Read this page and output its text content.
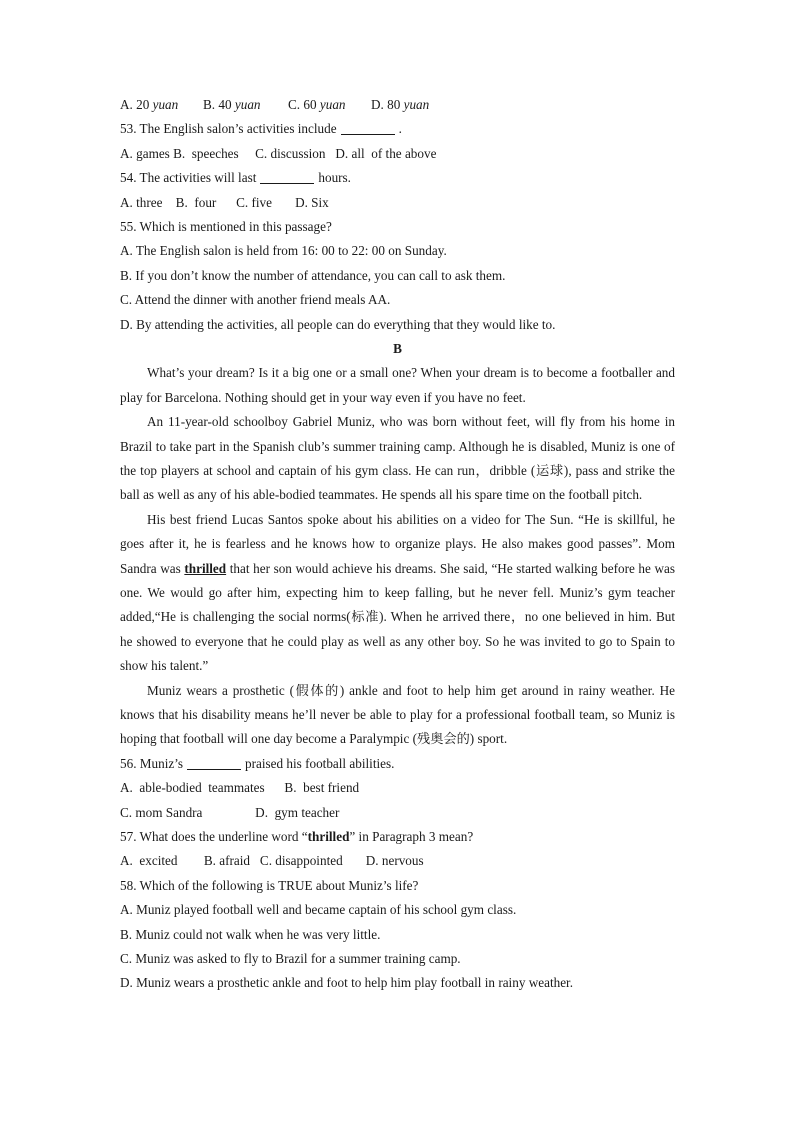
A. 20 yuan B. 40 yuan C. 60 yuan D. 80 yuan
53. The English salon’s activities include	.
A. games B.  speeches     C. discussion   D. all  of the above
54. The activities will last	hours.
A. three    B.  four      C. five       D. Six
55. Which is mentioned in this passage?
A. The English salon is held from 16: 00 to 22: 00 on Sunday.
B. If you don’t know the number of attendance, you can call to ask them.
C. Attend the dinner with another friend meals AA.
D. By attending the activities, all people can do everything that they would like to.
B

What’s your dream? Is it a big one or a small one? When your dream is to become a footballer and play for Barcelona. Nothing should get in your way even if you have no feet.

An 11-year-old schoolboy Gabriel Muniz, who was born without feet, will fly from his home in Brazil to take part in the Spanish club’s summer training camp. Although he is disabled, Muniz is one of the top players at school and captain of his gym class. He can run，dribble (运球), pass and strike the ball as well as any of his able-bodied teammates. He spends all his spare time on the football pitch.

His best friend Lucas Santos spoke about his abilities on a video for The Sun. “He is skillful, he goes after it, he is fearless and he knows how to organize plays. He also makes good passes”. Mom Sandra was thrilled that her son would achieve his dreams. She said, “He started walking before he was one. We would go after him, expecting him to keep falling, but he never fell. Muniz’s gym teacher added,“He is challenging the social norms(标准). When he arrived there，no one believed in him. But he showed to everyone that he could play as well as any other boy. So he was invited to go to Spain to show his talent.”

Muniz wears a prosthetic (假体的) ankle and foot to help him get around in rainy weather. He knows that his disability means he’ll never be able to play for a professional football team, so Muniz is hoping that football will one day become a Paralympic (残奥会的) sport.

56. Muniz’s	praised his football abilities.
A.  able-bodied  teammates      B.  best friend
C. mom Sandra                D.  gym teacher
57. What does the underline word “thrilled” in Paragraph 3 mean?
A.  excited        B. afraid   C. disappointed       D. nervous
58. Which of the following is TRUE about Muniz’s life?
A. Muniz played football well and became captain of his school gym class.
B. Muniz could not walk when he was very little.
C. Muniz was asked to fly to Brazil for a summer training camp.
D. Muniz wears a prosthetic ankle and foot to help him play football in rainy weather.
